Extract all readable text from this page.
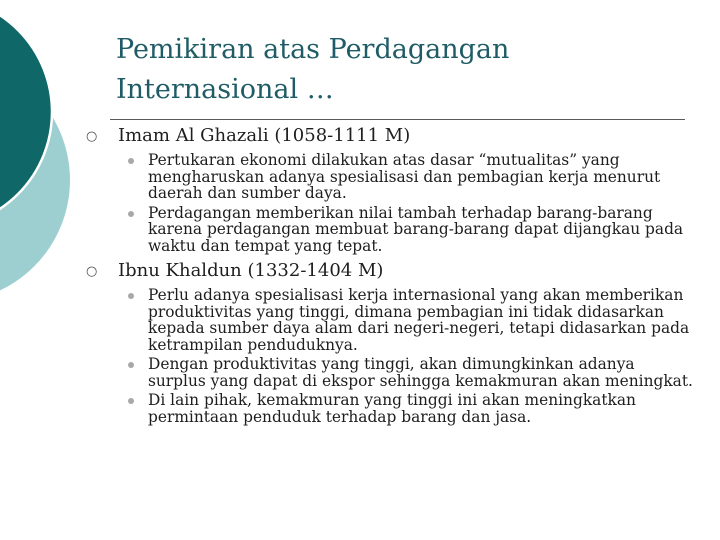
Pemikiran atas Perdagangan
Internasional …
○ Imam Al Ghazali (1058-1111 M)
Pertukaran ekonomi dilakukan atas dasar “mutualitas” yang mengharuskan adanya spesialisasi dan pembagian kerja menurut daerah dan sumber daya.
Perdagangan memberikan nilai tambah terhadap barang-barang karena perdagangan membuat barang-barang dapat dijangkau pada waktu dan tempat yang tepat.
○ Ibnu Khaldun (1332-1404 M)
Perlu adanya spesialisasi kerja internasional yang akan memberikan produktivitas yang tinggi, dimana pembagian ini tidak didasarkan kepada sumber daya alam dari negeri-negeri, tetapi didasarkan pada ketrampilan penduduknya.
Dengan produktivitas yang tinggi, akan dimungkinkan adanya surplus yang dapat di ekspor sehingga kemakmuran akan meningkat.
Di lain pihak, kemakmuran yang tinggi ini akan meningkatkan permintaan penduduk terhadap barang dan jasa.
